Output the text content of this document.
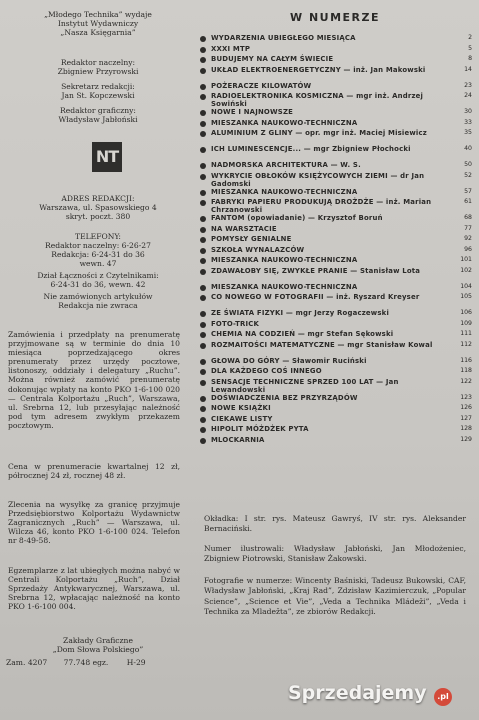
„Młodego Technika” wydaje

Instytut Wydawniczy

„Nasza Księgarnia”

Redaktor naczelny:

Zbigniew Przyrowski

Sekretarz redakcji:

Jan St. Kopczewski

Redaktor graficzny:

Władysław Jabłoński

NT

ADRES REDAKCJI:

Warszawa, ul. Spasowskiego 4

skryt. poczt. 380

TELEFONY:

Redaktor naczelny: 6-26-27

Redakcja: 6-24-31 do 36

wewn. 47

Dział Łączności z Czytelnikami:

6-24-31 do 36, wewn. 42

Nie zamówionych artykułów

Redakcja nie zwraca

Zamówienia i przedpłaty na prenumeratę przyjmowane są w terminie do dnia 10 miesiąca poprzedzającego okres prenumeraty przez urzędy pocztowe, listonoszy, oddziały i delegatury „Ruchu”. Można również zamówić prenumeratę dokonując wpłaty na konto PKO 1-6-100 020 — Centrala Kolportażu „Ruch”, Warszawa, ul. Srebrna 12, lub przesyłając należność pod tym adresem zwykłym przekazem pocztowym.
Cena w prenumeracie kwartalnej 12 zł, półrocznej 24 zł, rocznej 48 zł.
Zlecenia na wysyłkę za granicę przyjmuje Przedsiębiorstwo Kolportażu Wydawnictw Zagranicznych „Ruch” — Warszawa, ul. Wilcza 46, konto PKO 1-6-100 024. Telefon nr 8-49-58.
Egzemplarze z lat ubiegłych można nabyć w Centrali Kolportażu „Ruch”, Dział Sprzedaży Antykwarycznej, Warszawa, ul. Srebrna 12, wpłacając należność na konto PKO 1-6-100 004.

Zakłady Graficzne

„Dom Słowa Polskiego”

Zam. 4207 77.748 egz. H-29
W NUMERZE
WYDARZENIA UBIEGŁEGO MIESIĄCA	2
XXXI MTP	5
BUDUJEMY NA CAŁYM ŚWIECIE	8
UKŁAD ELEKTROENERGETYCZNY — inż. Jan Makowski	14
POŻERACZE KILOWATÓW	23
RADIOELEKTRONIKA KOSMICZNA — mgr inż. Andrzej Sowiński
24
NOWE I NAJNOWSZE	30
MIESZANKA NAUKOWO-TECHNICZNA	33
ALUMINIUM Z GLINY — opr. mgr inż. Maciej Misiewicz	35
ICH LUMINESCENCJE... — mgr Zbigniew Płochocki	40
NADMORSKA ARCHITEKTURA — W. S.	50
WYKRYCIE OBŁOKÓW KSIĘŻYCOWYCH ZIEMI — dr Jan Gadomski
52
MIESZANKA NAUKOWO-TECHNICZNA	57
FABRYKI PAPIERU PRODUKUJĄ DROŻDŻE — inż. Marian Chrzanowski
61
FANTOM (opowiadanie) — Krzysztof Boruń	68
NA WARSZTACIE	77
POMYSŁY GENIALNE	92
SZKOŁA WYNALAZCÓW	96
MIESZANKA NAUKOWO-TECHNICZNA	101
ZDAWAŁOBY SIĘ, ZWYKŁE PRANIE — Stanisław Lota	102
MIESZANKA NAUKOWO-TECHNICZNA	104
CO NOWEGO W FOTOGRAFII — inż. Ryszard Kreyser	105
ZE ŚWIATA FIZYKI — mgr Jerzy Rogaczewski	106
FOTO-TRICK	109
CHEMIA NA CODZIEŃ — mgr Stefan Sękowski	111
ROZMAITOŚCI MATEMATYCZNE — mgr Stanisław Kowal	112
GŁOWA DO GÓRY — Sławomir Ruciński	116
DLA KAŻDEGO COŚ INNEGO	118
SENSACJE TECHNICZNE SPRZED 100 LAT — Jan Lewandowski
122
DOŚWIADCZENIA BEZ PRZYRZĄDÓW	123
NOWE KSIĄŻKI	126
CIEKAWE LISTY	127
HIPOLIT MÓŻDŻEK PYTA	128
MLOCKARNIA	129
Okładka: I str. rys. Mateusz Gawryś, IV str. rys. Aleksander Bernaciński.
Numer ilustrowali: Władysław Jabłoński, Jan Młodożeniec, Zbigniew Piotrowski, Stanisław Żakowski.
Fotografie w numerze: Wincenty Baśniski, Tadeusz Bukowski, CAF, Władysław Jabłoński, „Kraj Rad”, Zdzisław Kazimierczuk, „Popular Science”, „Science et Vie”, „Veda a Technika Mládeži”, „Veda i Technika za Mladežta”, ze zbiorów Redakcji.
Sprzedajemy	.pl
